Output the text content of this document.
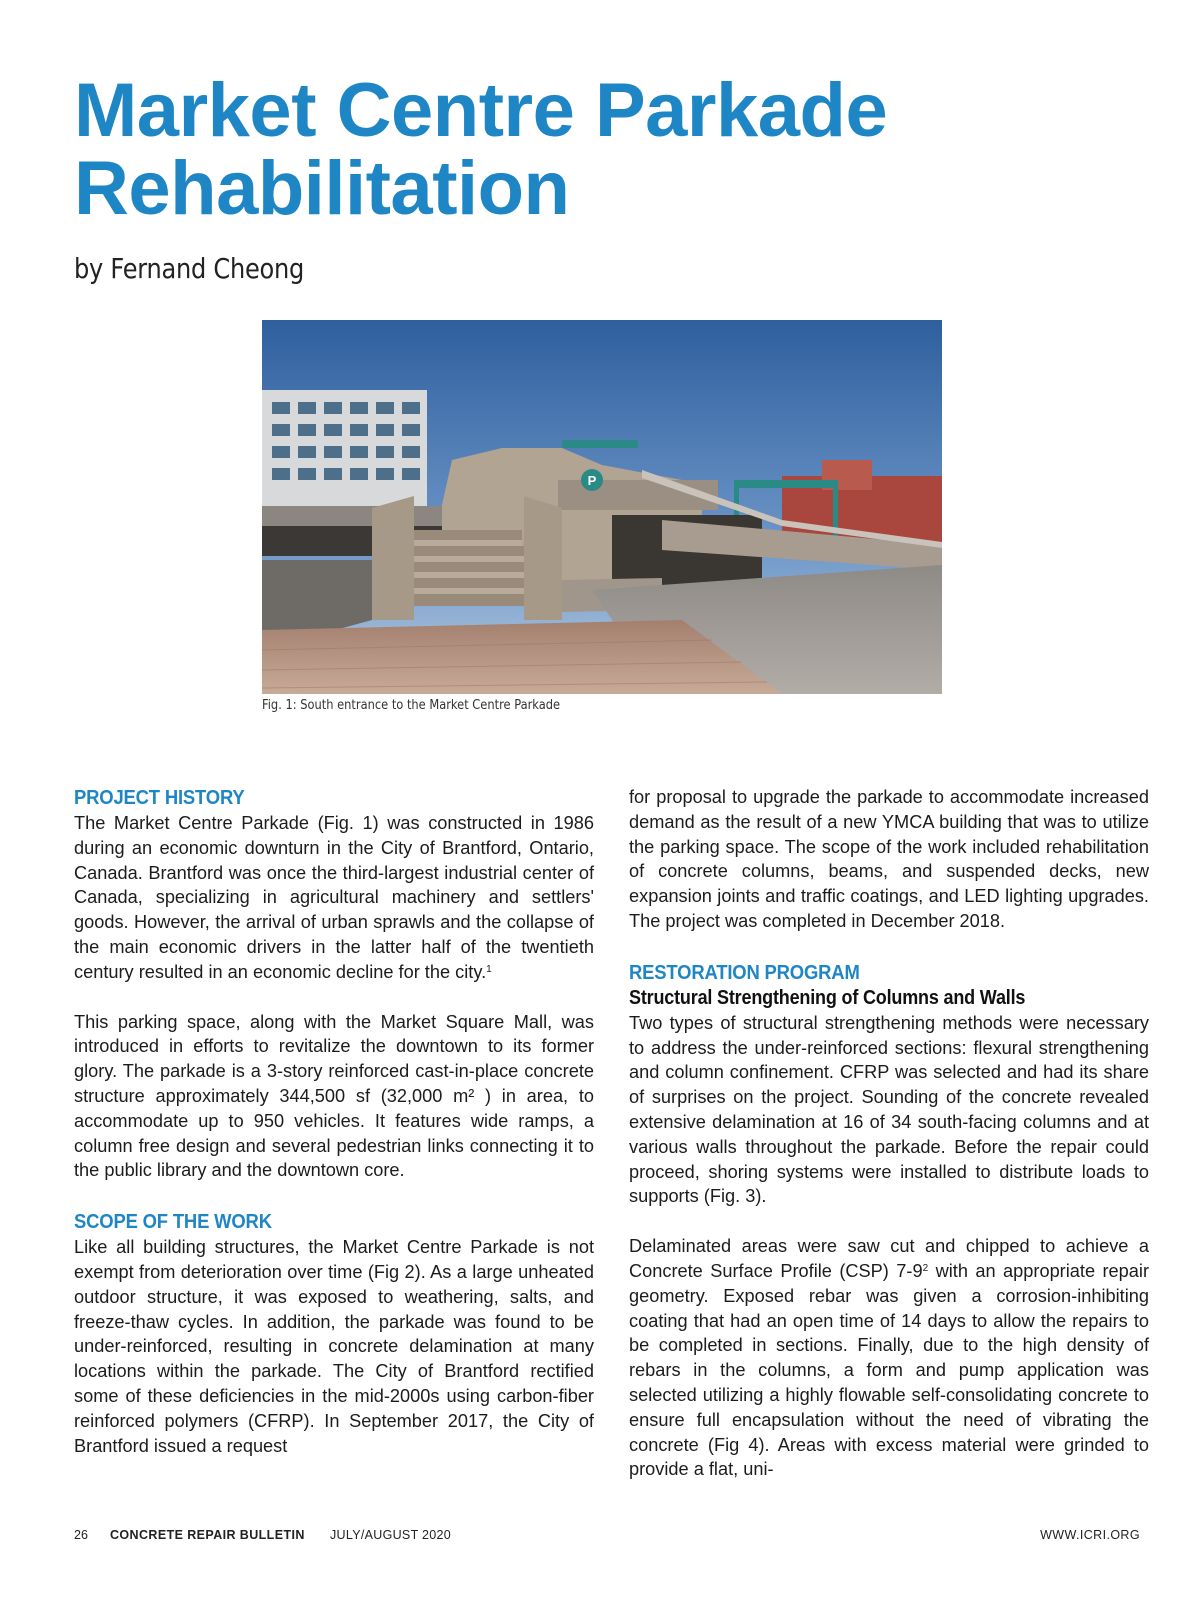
Market Centre Parkade
Rehabilitation
by Fernand Cheong
P
Fig. 1: South entrance to the Market Centre Parkade
PROJECT HISTORY

The Market Centre Parkade (Fig. 1) was constructed in 1986 during an economic downturn in the City of Brantford, Ontario, Canada. Brantford was once the third-largest industrial center of Canada, specializing in agricultural machinery and settlers' goods. However, the arrival of urban sprawls and the collapse of the main economic drivers in the latter half of the twentieth century resulted in an economic decline for the city.$^1$

This parking space, along with the Market Square Mall, was introduced in efforts to revitalize the downtown to its former glory. The parkade is a 3-story reinforced cast-in-place concrete structure approximately 344,500 sf (32,000 m² ) in area, to accommodate up to 950 vehicles. It features wide ramps, a column free design and several pedestrian links connecting it to the public library and the downtown core.

SCOPE OF THE WORK

Like all building structures, the Market Centre Parkade is not exempt from deterioration over time (Fig 2). As a large unheated outdoor structure, it was exposed to weathering, salts, and freeze-thaw cycles. In addition, the parkade was found to be under-reinforced, resulting in concrete delamination at many locations within the parkade. The City of Brantford rectified some of these deficiencies in the mid-2000s using carbon-fiber reinforced polymers (CFRP). In September 2017, the City of Brantford issued a request

for proposal to upgrade the parkade to accommodate increased demand as the result of a new YMCA building that was to utilize the parking space. The scope of the work included rehabilitation of concrete columns, beams, and suspended decks, new expansion joints and traffic coatings, and LED lighting upgrades. The project was completed in December 2018.

RESTORATION PROGRAM
Structural Strengthening of Columns and Walls

Two types of structural strengthening methods were necessary to address the under-reinforced sections: flexural strengthening and column confinement. CFRP was selected and had its share of surprises on the project. Sounding of the concrete revealed extensive delamination at 16 of 34 south-facing columns and at various walls throughout the parkade. Before the repair could proceed, shoring systems were installed to distribute loads to supports (Fig. 3).

Delaminated areas were saw cut and chipped to achieve a Concrete Surface Profile (CSP) $7-9^2$ with an appropriate repair geometry. Exposed rebar was given a corrosion-inhibiting coating that had an open time of 14 days to allow the repairs to be completed in sections. Finally, due to the high density of rebars in the columns, a form and pump application was selected utilizing a highly flowable self-consolidating concrete to ensure full encapsulation without the need of vibrating the concrete (Fig 4). Areas with excess material were grinded to provide a flat, uni-

26 CONCRETE REPAIR BULLETIN JULY/AUGUST 2020	WWW.ICRI.ORG
